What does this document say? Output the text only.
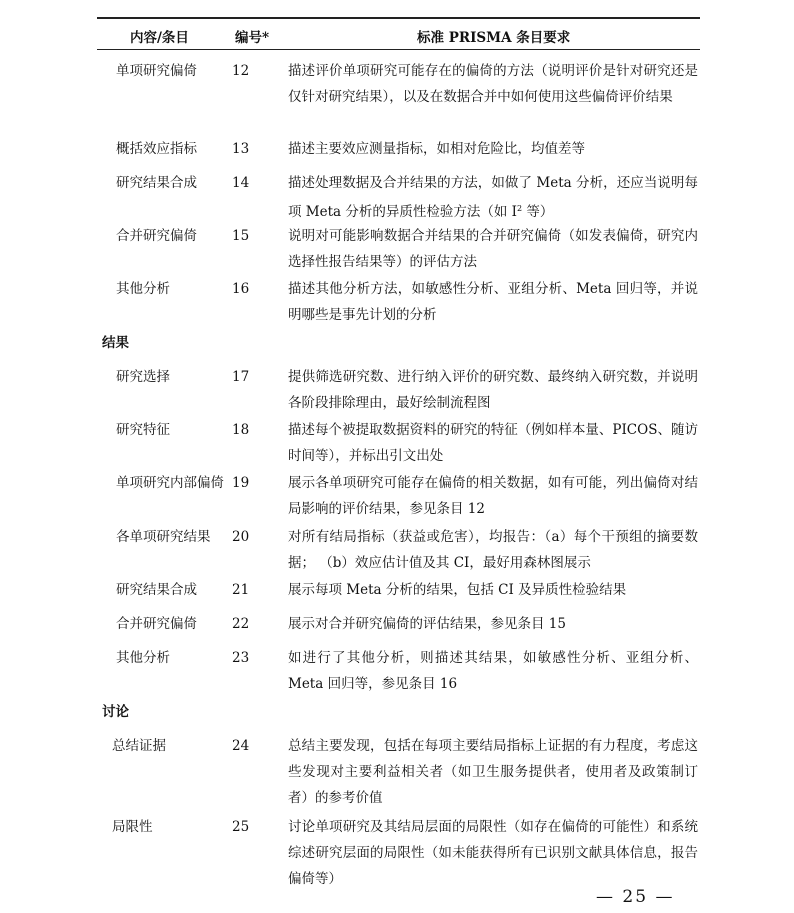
内容/条目	编号*	标准 PRISMA 条目要求
单项研究偏倚	12	描述评价单项研究可能存在的偏倚的方法（说明评价是针对研究还是仅针对研究结果），以及在数据合并中如何使用这些偏倚评价结果
概括效应指标	13	描述主要效应测量指标，如相对危险比，均值差等
研究结果合成	14	描述处理数据及合并结果的方法，如做了 Meta 分析，还应当说明每项 Meta 分析的异质性检验方法（如 $I^2$ 等）
合并研究偏倚	15	说明对可能影响数据合并结果的合并研究偏倚（如发表偏倚，研究内选择性报告结果等）的评估方法
其他分析	16	描述其他分析方法，如敏感性分析、亚组分析、Meta 回归等，并说明哪些是事先计划的分析
结果
研究选择	17	提供筛选研究数、进行纳入评价的研究数、最终纳入研究数，并说明各阶段排除理由，最好绘制流程图
研究特征	18	描述每个被提取数据资料的研究的特征（例如样本量、PICOS、随访时间等），并标出引文出处
单项研究内部偏倚 19	展示各单项研究可能存在偏倚的相关数据，如有可能，列出偏倚对结局影响的评价结果，参见条目 12
各单项研究结果 20	对所有结局指标（获益或危害），均报告：（a）每个干预组的摘要数据； （b）效应估计值及其 CI，最好用森林图展示
研究结果合成	21	展示每项 Meta 分析的结果，包括 CI 及异质性检验结果
合并研究偏倚	22	展示对合并研究偏倚的评估结果，参见条目 15
其他分析	23	如进行了其他分析，则描述其结果，如敏感性分析、亚组分析、Meta 回归等，参见条目 16
讨论
总结证据	24	总结主要发现，包括在每项主要结局指标上证据的有力程度，考虑这些发现对主要利益相关者（如卫生服务提供者，使用者及政策制订者）的参考价值
局限性	25	讨论单项研究及其结局层面的局限性（如存在偏倚的可能性）和系统综述研究层面的局限性（如未能获得所有已识别文献具体信息，报告偏倚等）
— 25 —
